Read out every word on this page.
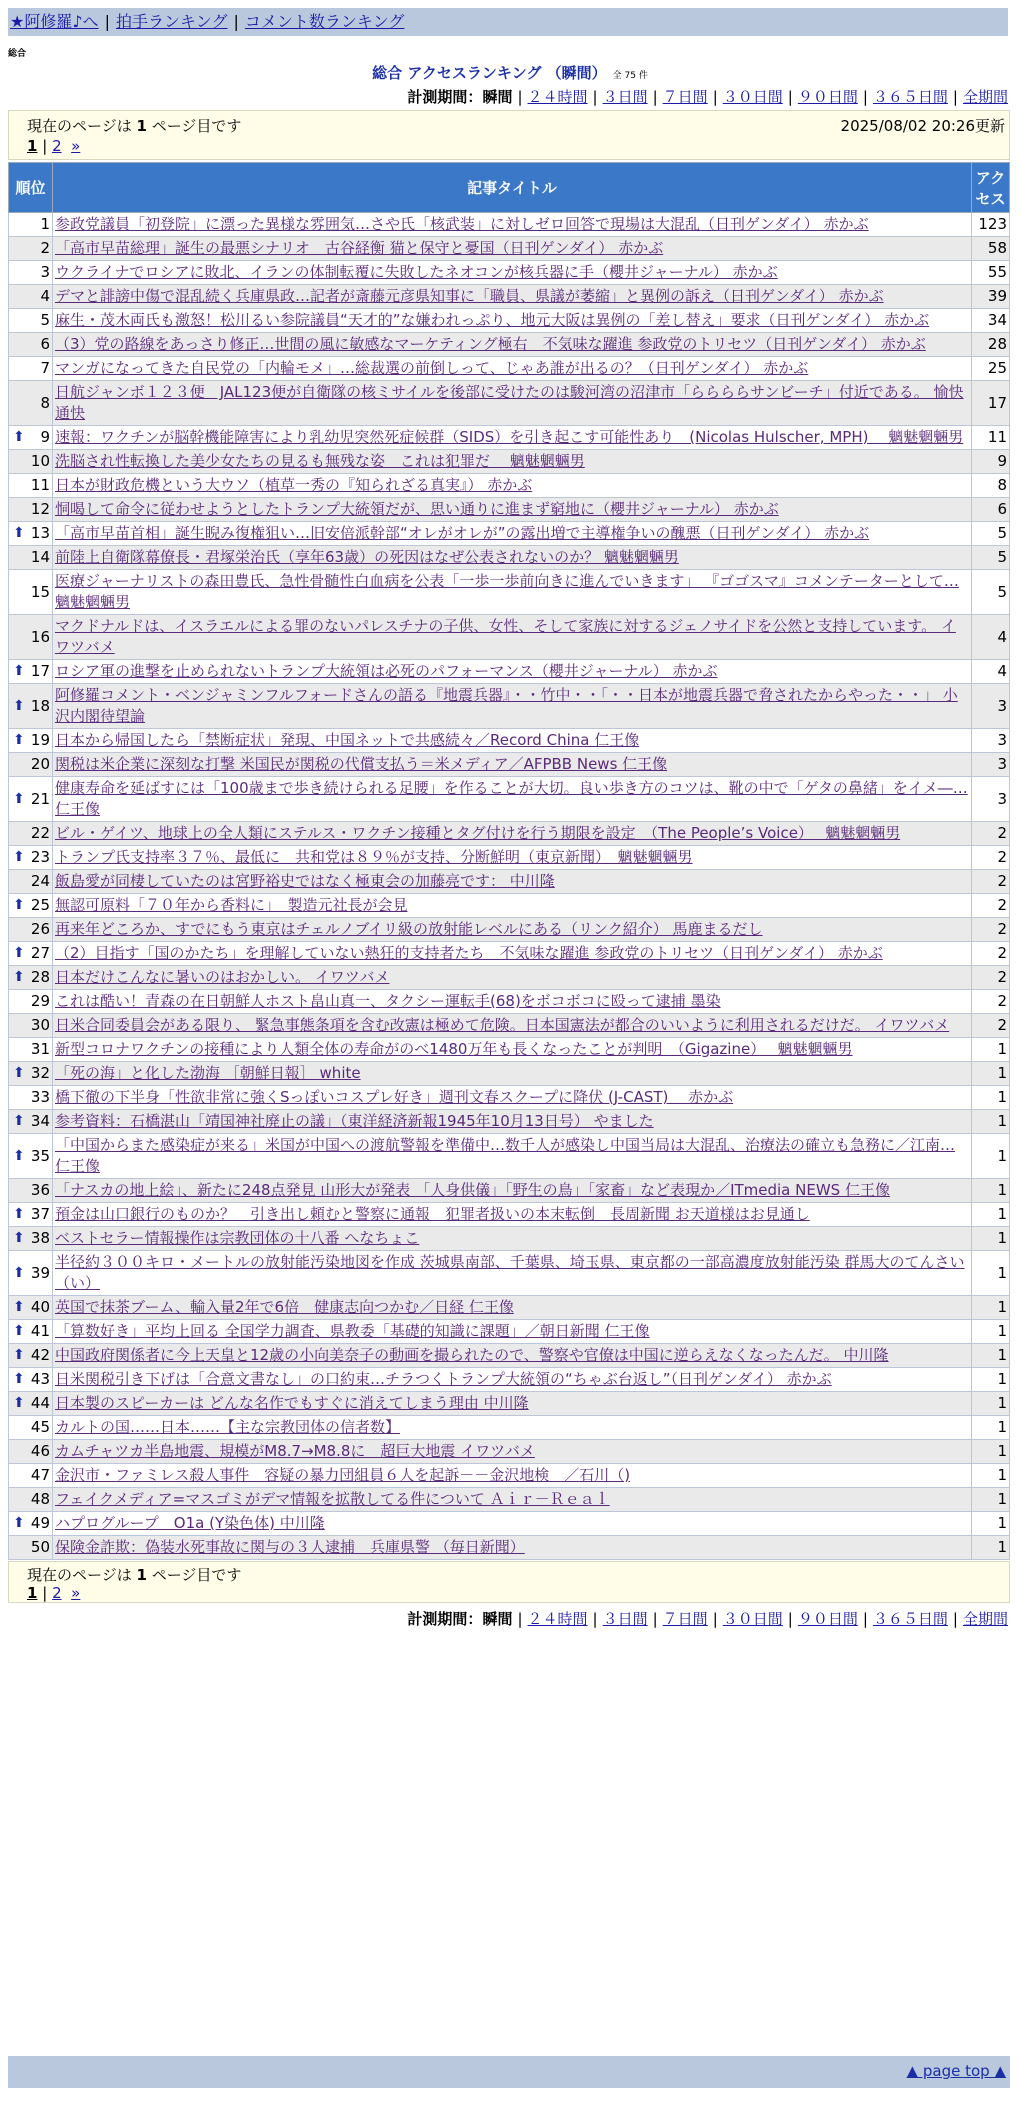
★阿修羅♪へ | 拍手ランキング | コメント数ランキング
総合
総合 アクセスランキング （瞬間） 全 75 件
計測期間：瞬間 | ２４時間 | ３日間 | ７日間 | ３０日間 | ９０日間 | ３６５日間 | 全期間
現在のページは 1 ページ目です	2025/08/02 20:26更新
1 | 2 »
順位	記事タイトル	アクセス
1	参政党議員「初登院」に漂った異様な雰囲気…さや氏「核武装」に対しゼロ回答で現場は大混乱（日刊ゲンダイ） 赤かぶ	123
2	「高市早苗総理」誕生の最悪シナリオ　古谷経衡 猫と保守と憂国（日刊ゲンダイ） 赤かぶ	58
3	ウクライナでロシアに敗北、イランの体制転覆に失敗したネオコンが核兵器に手（櫻井ジャーナル） 赤かぶ	55
4	デマと誹謗中傷で混乱続く兵庫県政…記者が斎藤元彦県知事に「職員、県議が萎縮」と異例の訴え（日刊ゲンダイ） 赤かぶ	39
5	麻生・茂木両氏も激怒！松川るい参院議員“天才的”な嫌われっぷり、地元大阪は異例の「差し替え」要求（日刊ゲンダイ） 赤かぶ	34
6	（3）党の路線をあっさり修正…世間の風に敏感なマーケティング極右　不気味な躍進 参政党のトリセツ（日刊ゲンダイ） 赤かぶ	28
7	マンガになってきた自民党の「内輪モメ」…総裁選の前倒しって、じゃあ誰が出るの？（日刊ゲンダイ） 赤かぶ	25
8	日航ジャンボ１２３便　JAL123便が自衛隊の核ミサイルを後部に受けたのは駿河湾の沼津市「ららららサンビーチ」付近である。 愉快通快	17

⬆ 9	速報：ワクチンが脳幹機能障害により乳幼児突然死症候群（SIDS）を引き起こす可能性あり　(Nicolas Hulscher, MPH)　 魑魅魍魎男	11
10	洗脳され性転換した美少女たちの見るも無残な姿　これは犯罪だ　 魑魅魍魎男	9
11	日本が財政危機という大ウソ（植草一秀の『知られざる真実』） 赤かぶ	8
12	恫喝して命令に従わせようとしたトランプ大統領だが、思い通りに進まず窮地に（櫻井ジャーナル） 赤かぶ	6

⬆ 13	「高市早苗首相」誕生睨み復権狙い…旧安倍派幹部“オレがオレが”の露出増で主導権争いの醜悪（日刊ゲンダイ） 赤かぶ	5
14	前陸上自衛隊幕僚長・君塚栄治氏（享年63歳）の死因はなぜ公表されないのか？ 魑魅魍魎男	5
15	医療ジャーナリストの森田豊氏、急性骨髄性白血病を公表「一歩一歩前向きに進んでいきます」 『ゴゴスマ』コメンテーターとして… 魑魅魍魎男	5
16	マクドナルドは、イスラエルによる罪のないパレスチナの子供、女性、そして家族に対するジェノサイドを公然と支持しています。 イワツバメ	4

⬆ 17	ロシア軍の進撃を止められないトランプ大統領は必死のパフォーマンス（櫻井ジャーナル） 赤かぶ	4

⬆ 18	阿修羅コメント・ベンジャミンフルフォードさんの語る『地震兵器』・・竹中・・「・・日本が地震兵器で脅されたからやった・・」 小沢内閣待望論	3

⬆ 19	日本から帰国したら「禁断症状」発現、中国ネットで共感続々／Record China 仁王像	3
20	関税は米企業に深刻な打撃 米国民が関税の代償支払う＝米メディア／AFPBB News 仁王像	3

⬆ 21	健康寿命を延ばすには「100歳まで歩き続けられる足腰」を作ることが大切。良い歩き方のコツは、靴の中で「ゲタの鼻緒」をイメ―… 仁王像	3
22	ビル・ゲイツ、地球上の全人類にステルス・ワクチン接種とタグ付けを行う期限を設定　（The People’s Voice）　 魑魅魍魎男	2

⬆ 23	トランプ氏支持率３７％、最低に　共和党は８９％が支持、分断鮮明（東京新聞）　魑魅魍魎男	2
24	飯島愛が同棲していたのは宮野裕史ではなく極東会の加藤亮です： 中川隆	2

⬆ 25	無認可原料「７０年から香料に」　製造元社長が会見	2
26	再来年どころか、すでにもう東京はチェルノブイリ級の放射能レベルにある（リンク紹介） 馬鹿まるだし	2

⬆ 27	（2）目指す「国のかたち」を理解していない熱狂的支持者たち　不気味な躍進 参政党のトリセツ（日刊ゲンダイ） 赤かぶ	2

⬆ 28	日本だけこんなに暑いのはおかしい。 イワツバメ	2
29	これは酷い！青森の在日朝鮮人ホスト畠山真一、タクシー運転手(68)をボコボコに殴って逮捕 墨染	2
30	日米合同委員会がある限り、 緊急事態条項を含む改憲は極めて危険。日本国憲法が都合のいいように利用されるだけだ。 イワツバメ	2
31	新型コロナワクチンの接種により人類全体の寿命がのべ1480万年も長くなったことが判明　（Gigazine）　 魑魅魍魎男	1

⬆ 32	「死の海」と化した渤海 ［朝鮮日報］ white	1
33	橋下徹の下半身「性欲非常に強くSっぽいコスプレ好き」週刊文春スクープに降伏 (J-CAST)　 赤かぶ	1

⬆ 34	参考資料：石橋湛山「靖国神社廃止の議」（東洋経済新報1945年10月13日号） やました	1

⬆ 35	「中国からまた感染症が来る」米国が中国への渡航警報を準備中…数千人が感染し中国当局は大混乱、治療法の確立も急務に／江南… 仁王像	1
36	「ナスカの地上絵」、新たに248点発見 山形大が発表 「人身供儀」「野生の鳥」「家畜」など表現か／ITmedia NEWS 仁王像	1

⬆ 37	預金は山口銀行のものか？　引き出し頼むと警察に通報　犯罪者扱いの本末転倒　長周新聞 お天道様はお見通し	1

⬆ 38	ベストセラー情報操作は宗教団体の十八番 へなちょこ	1

⬆ 39	半径約３００キロ・メートルの放射能汚染地図を作成 茨城県南部、千葉県、埼玉県、東京都の一部高濃度放射能汚染 群馬大のてんさい（い）	1

⬆ 40	英国で抹茶ブーム、輸入量2年で6倍　健康志向つかむ／日経 仁王像	1

⬆ 41	「算数好き」平均上回る 全国学力調査、県教委「基礎的知識に課題」／朝日新聞 仁王像	1

⬆ 42	中国政府関係者に今上天皇と12歳の小向美奈子の動画を撮られたので、警察や官僚は中国に逆らえなくなったんだ。 中川隆	1

⬆ 43	日米関税引き下げは「合意文書なし」の口約束…チラつくトランプ大統領の“ちゃぶ台返し”（日刊ゲンダイ） 赤かぶ	1

⬆ 44	日本製のスピーカーは どんな名作でもすぐに消えてしまう理由 中川隆	1
45	カルトの国……日本……【主な宗教団体の信者数】	1
46	カムチャツカ半島地震、規模がM8.7→M8.8に　超巨大地震 イワツバメ	1
47	金沢市・ファミレス殺人事件　容疑の暴力団組員６人を起訴－－金沢地検　／石川（)	1
48	フェイクメディア=マスゴミがデマ情報を拡散してる件について Ａｉｒ－Ｒｅａｌ	1

⬆ 49	ハプログループ　O1a (Y染色体) 中川隆	1
50	保険金詐欺：偽装水死事故に関与の３人逮捕　兵庫県警 （毎日新聞）	1
現在のページは 1 ページ目です
1 | 2 »
計測期間：瞬間 | ２４時間 | ３日間 | ７日間 | ３０日間 | ９０日間 | ３６５日間 | 全期間
▲ page top ▲
